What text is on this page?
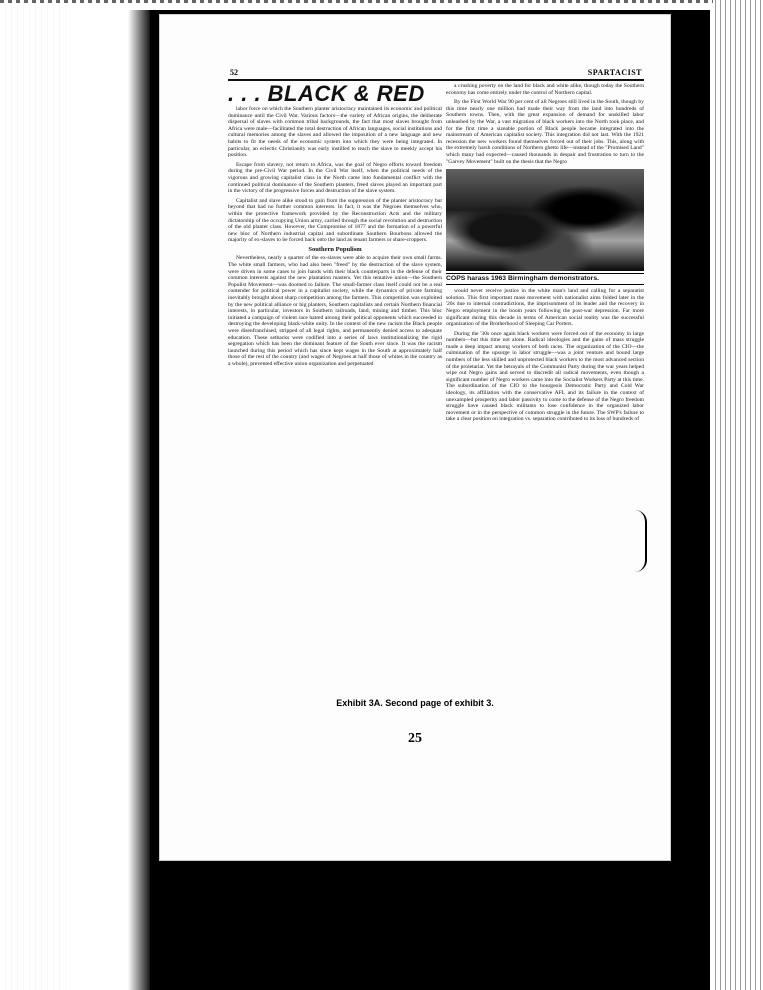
52	SPARTACIST
. . . BLACK & RED

labor force on which the Southern planter aristocracy maintained its economic and political dominance until the Civil War. Various factors—the variety of African origins, the deliberate dispersal of slaves with common tribal backgrounds, the fact that most slaves brought from Africa were male—facilitated the total destruction of African languages, social institutions and cultural memories among the slaves and allowed the imposition of a new language and new habits to fit the needs of the economic system into which they were being integrated. In particular, an eclectic Christianity was early instilled to teach the slave to meekly accept his position.

Escape from slavery, not return to Africa, was the goal of Negro efforts toward freedom during the pre-Civil War period. In the Civil War itself, when the political needs of the vigorous and growing capitalist class in the North came into fundamental conflict with the continued political dominance of the Southern planters, freed slaves played an important part in the victory of the progressive forces and destruction of the slave system.

Capitalist and slave alike stood to gain from the suppression of the planter aristocracy but beyond that had no further common interests. In fact, it was the Negroes themselves who, within the protective framework provided by the Reconstruction Acts and the military dictatorship of the occupying Union army, carried through the social revolution and destruction of the old planter class. However, the Compromise of 1877 and the formation of a powerful new bloc of Northern industrial capital and subordinate Southern Bourbons allowed the majority of ex-slaves to be forced back onto the land as tenant farmers or share-croppers.

Southern Populism

Nevertheless, nearly a quarter of the ex-slaves were able to acquire their own small farms. The white small farmers, who had also been "freed" by the destruction of the slave system, were driven in some cases to join hands with their black counterparts in the defense of their common interests against the new plantation masters. Yet this tentative union—the Southern Populist Movement—was doomed to failure. The small-farmer class itself could not be a real contender for political power in a capitalist society, while the dynamics of private farming inevitably brought about sharp competition among the farmers. This competition was exploited by the new political alliance or big planters, Southern capitalists and certain Northern financial interests, in particular, investors in Southern railroads, land, mining and timber. This bloc initiated a campaign of violent race hatred among their political opponents which succeeded in destroying the developing black-white unity. In the context of the new racism the Black people were disenfranchised, stripped of all legal rights, and permanently denied access to adequate education. These setbacks were codified into a series of laws institutionalizing the rigid segregation which has been the dominant feature of the South ever since. It was the racism launched during this period which has since kept wages in the South at approximately half those of the rest of the country (and wages of Negroes at half those of whites in the country as a whole), prevented effective union organization and perpetuated

a crushing poverty on the land for black and white alike, though today the Southern economy has come entirely under the control of Northern capital.

By the First World War 90 per cent of all Negroes still lived in the South, though by this time nearly one million had made their way from the land into hundreds of Southern towns. Then, with the great expansion of demand for unskilled labor unleashed by the War, a vast migration of black workers into the North took place, and for the first time a sizeable portion of Black people became integrated into the mainstream of American capitalist society. This integration did not last. With the 1921 recession the new workers found themselves forced out of their jobs. This, along with the extremely harsh conditions of Northern ghetto life—instead of the "Promised Land" which many had expected—caused thousands in despair and frustration to turn to the "Garvey Movement" built on the thesis that the Negro

COPS harass 1963 Birmingham demonstrators.

would never receive justice in the white man's land and calling for a separatist solution. This first important mass movement with nationalist aims folded later in the '20s due to internal contradictions, the imprisonment of its leader and the recovery in Negro employment in the boom years following the post-war depression. Far more significant during this decade in terms of American social reality was the successful organization of the Brotherhood of Sleeping Car Porters.

During the '30s once again black workers were forced out of the economy in large numbers—but this time not alone. Radical ideologies and the gains of mass struggle made a deep impact among workers of both races. The organization of the CIO—the culmination of the upsurge in labor struggle—was a joint venture and bound large numbers of the less skilled and unprotected black workers to the most advanced section of the proletariat. Yet the betrayals of the Communist Party during the war years helped wipe out Negro gains and served to discredit all radical movements, even though a significant number of Negro workers came into the Socialist Workers Party at this time. The subordination of the CIO to the bourgeois Democratic Party and Cold War ideology, its affiliation with the conservative AFL and its failure in the context of unexampled prosperity and labor passivity to come to the defense of the Negro freedom struggle have caused black militants to lose confidence in the organized labor movement or in the perspective of common struggle in the future. The SWP's failure to take a clear position on integration vs. separation contributed to its loss of hundreds of

Exhibit 3A. Second page of exhibit 3.
25
